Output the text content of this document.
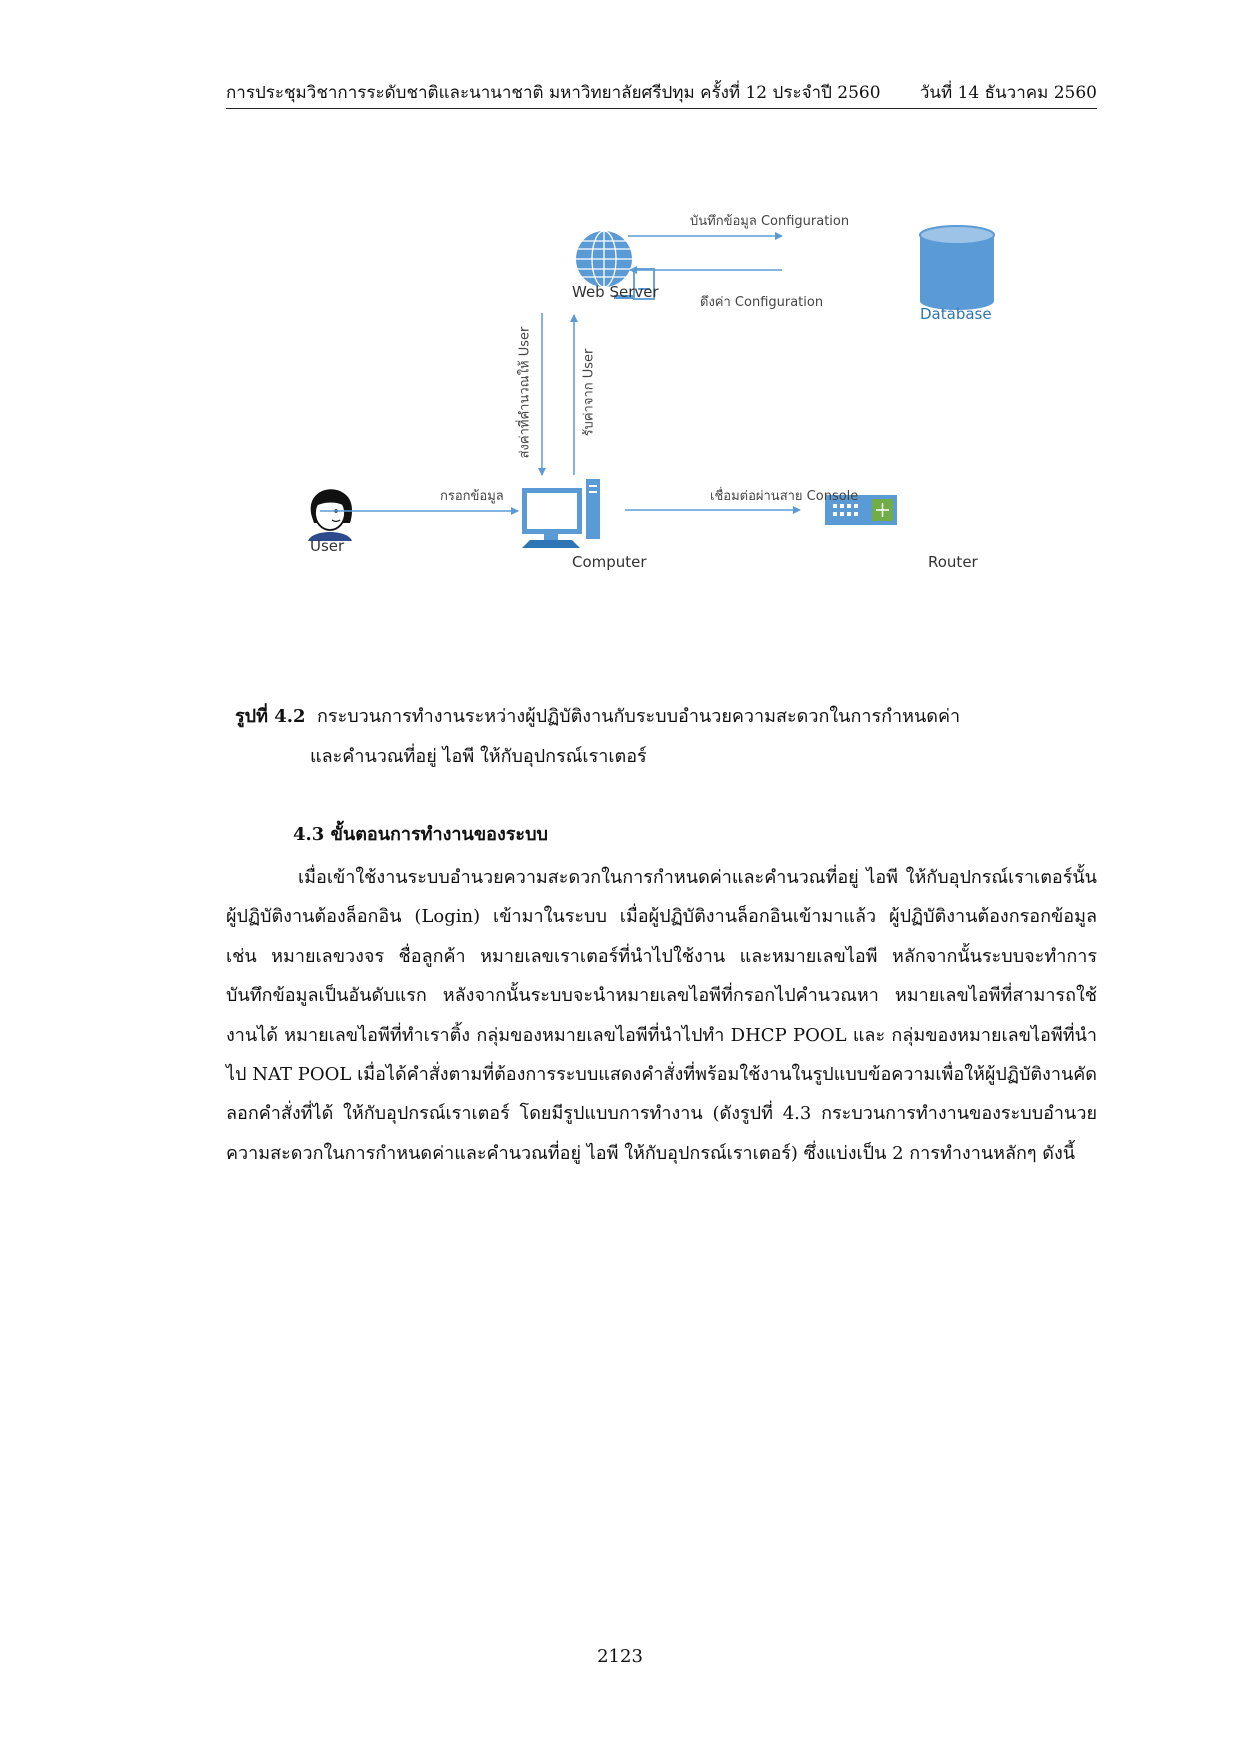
การประชุมวิชาการระดับชาติและนานาชาติ มหาวิทยาลัยศรีปทุม ครั้งที่ 12 ประจำปี 2560 วันที่ 14 ธันวาคม 2560
Web Server
Database
User
Computer	Router
บันทึกข้อมูล Configuration
ดึงค่า Configuration
กรอกข้อมูล	เชื่อมต่อผ่านสาย Console
ส่งค่าที่คำนวณให้ User	รับค่าจาก User
รูปที่ 4.2 กระบวนการทำงานระหว่างผู้ปฏิบัติงานกับระบบอำนวยความสะดวกในการกำหนดค่า
และคำนวณที่อยู่ ไอพี ให้กับอุปกรณ์เราเตอร์
4.3 ขั้นตอนการทำงานของระบบ

เมื่อเข้าใช้งานระบบอำนวยความสะดวกในการกำหนดค่าและคำนวณที่อยู่ ไอพี ให้กับอุปกรณ์เราเตอร์นั้น ผู้ปฏิบัติงานต้องล็อกอิน (Login) เข้ามาในระบบ เมื่อผู้ปฏิบัติงานล็อกอินเข้ามาแล้ว ผู้ปฏิบัติงานต้องกรอกข้อมูล เช่น หมายเลขวงจร ชื่อลูกค้า หมายเลขเราเตอร์ที่นำไปใช้งาน และหมายเลขไอพี หลักจากนั้นระบบจะทำการบันทึกข้อมูลเป็นอันดับแรก หลังจากนั้นระบบจะนำหมายเลขไอพีที่กรอกไปคำนวณหา หมายเลขไอพีที่สามารถใช้งานได้ หมายเลขไอพีที่ทำเราติ้ง กลุ่มของหมายเลขไอพีที่นำไปทำ DHCP POOL และ กลุ่มของหมายเลขไอพีที่นำไป NAT POOL เมื่อได้คำสั่งตามที่ต้องการระบบแสดงคำสั่งที่พร้อมใช้งานในรูปแบบข้อความเพื่อให้ผู้ปฏิบัติงานคัดลอกคำสั่งที่ได้ ให้กับอุปกรณ์เราเตอร์ โดยมีรูปแบบการทำงาน (ดังรูปที่ 4.3 กระบวนการทำงานของระบบอำนวยความสะดวกในการกำหนดค่าและคำนวณที่อยู่ ไอพี ให้กับอุปกรณ์เราเตอร์) ซึ่งแบ่งเป็น 2 การทำงานหลักๆ ดังนี้

2123
